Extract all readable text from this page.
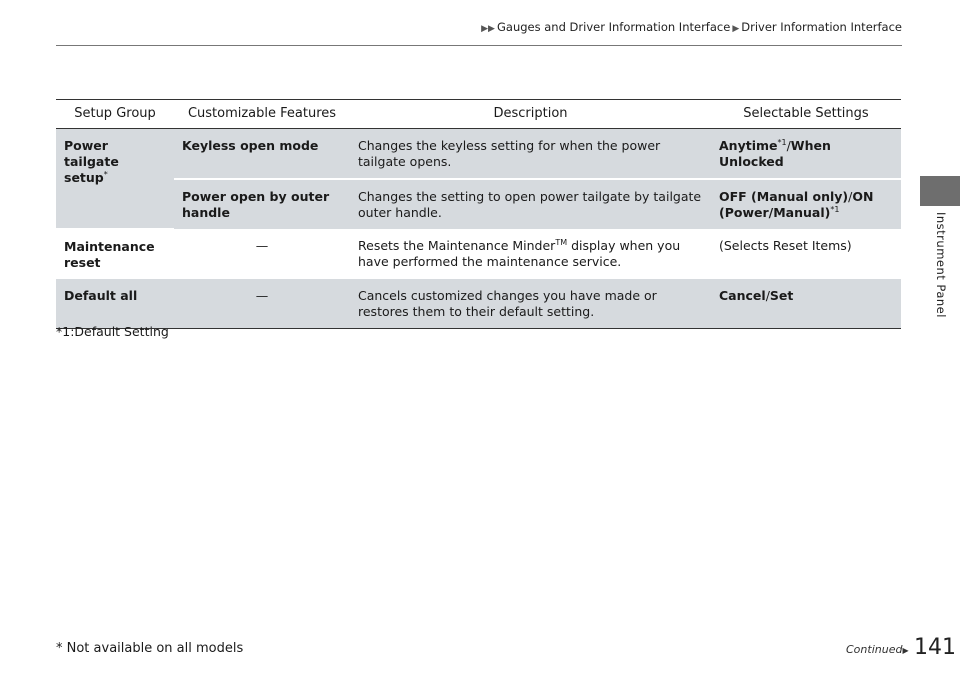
▶▶ Gauges and Driver Information Interface ▶ Driver Information Interface
Instrument Panel
Setup Group	Customizable Features	Description	Selectable Settings
Power tailgate setup*	Keyless open mode	Changes the keyless setting for when the power tailgate opens.	Anytime$^{*1}$/When Unlocked
	Power open by outer handle	Changes the setting to open power tailgate by tailgate outer handle.	OFF (Manual only)/ON (Power/Manual)$^{*1}$
Maintenance reset	—	Resets the Maintenance Minder™ display when you have performed the maintenance service.	(Selects Reset Items)
Default all	—	Cancels customized changes you have made or restores them to their default setting.	Cancel/Set
*1:Default Setting
* Not available on all models	Continued▶ 141
